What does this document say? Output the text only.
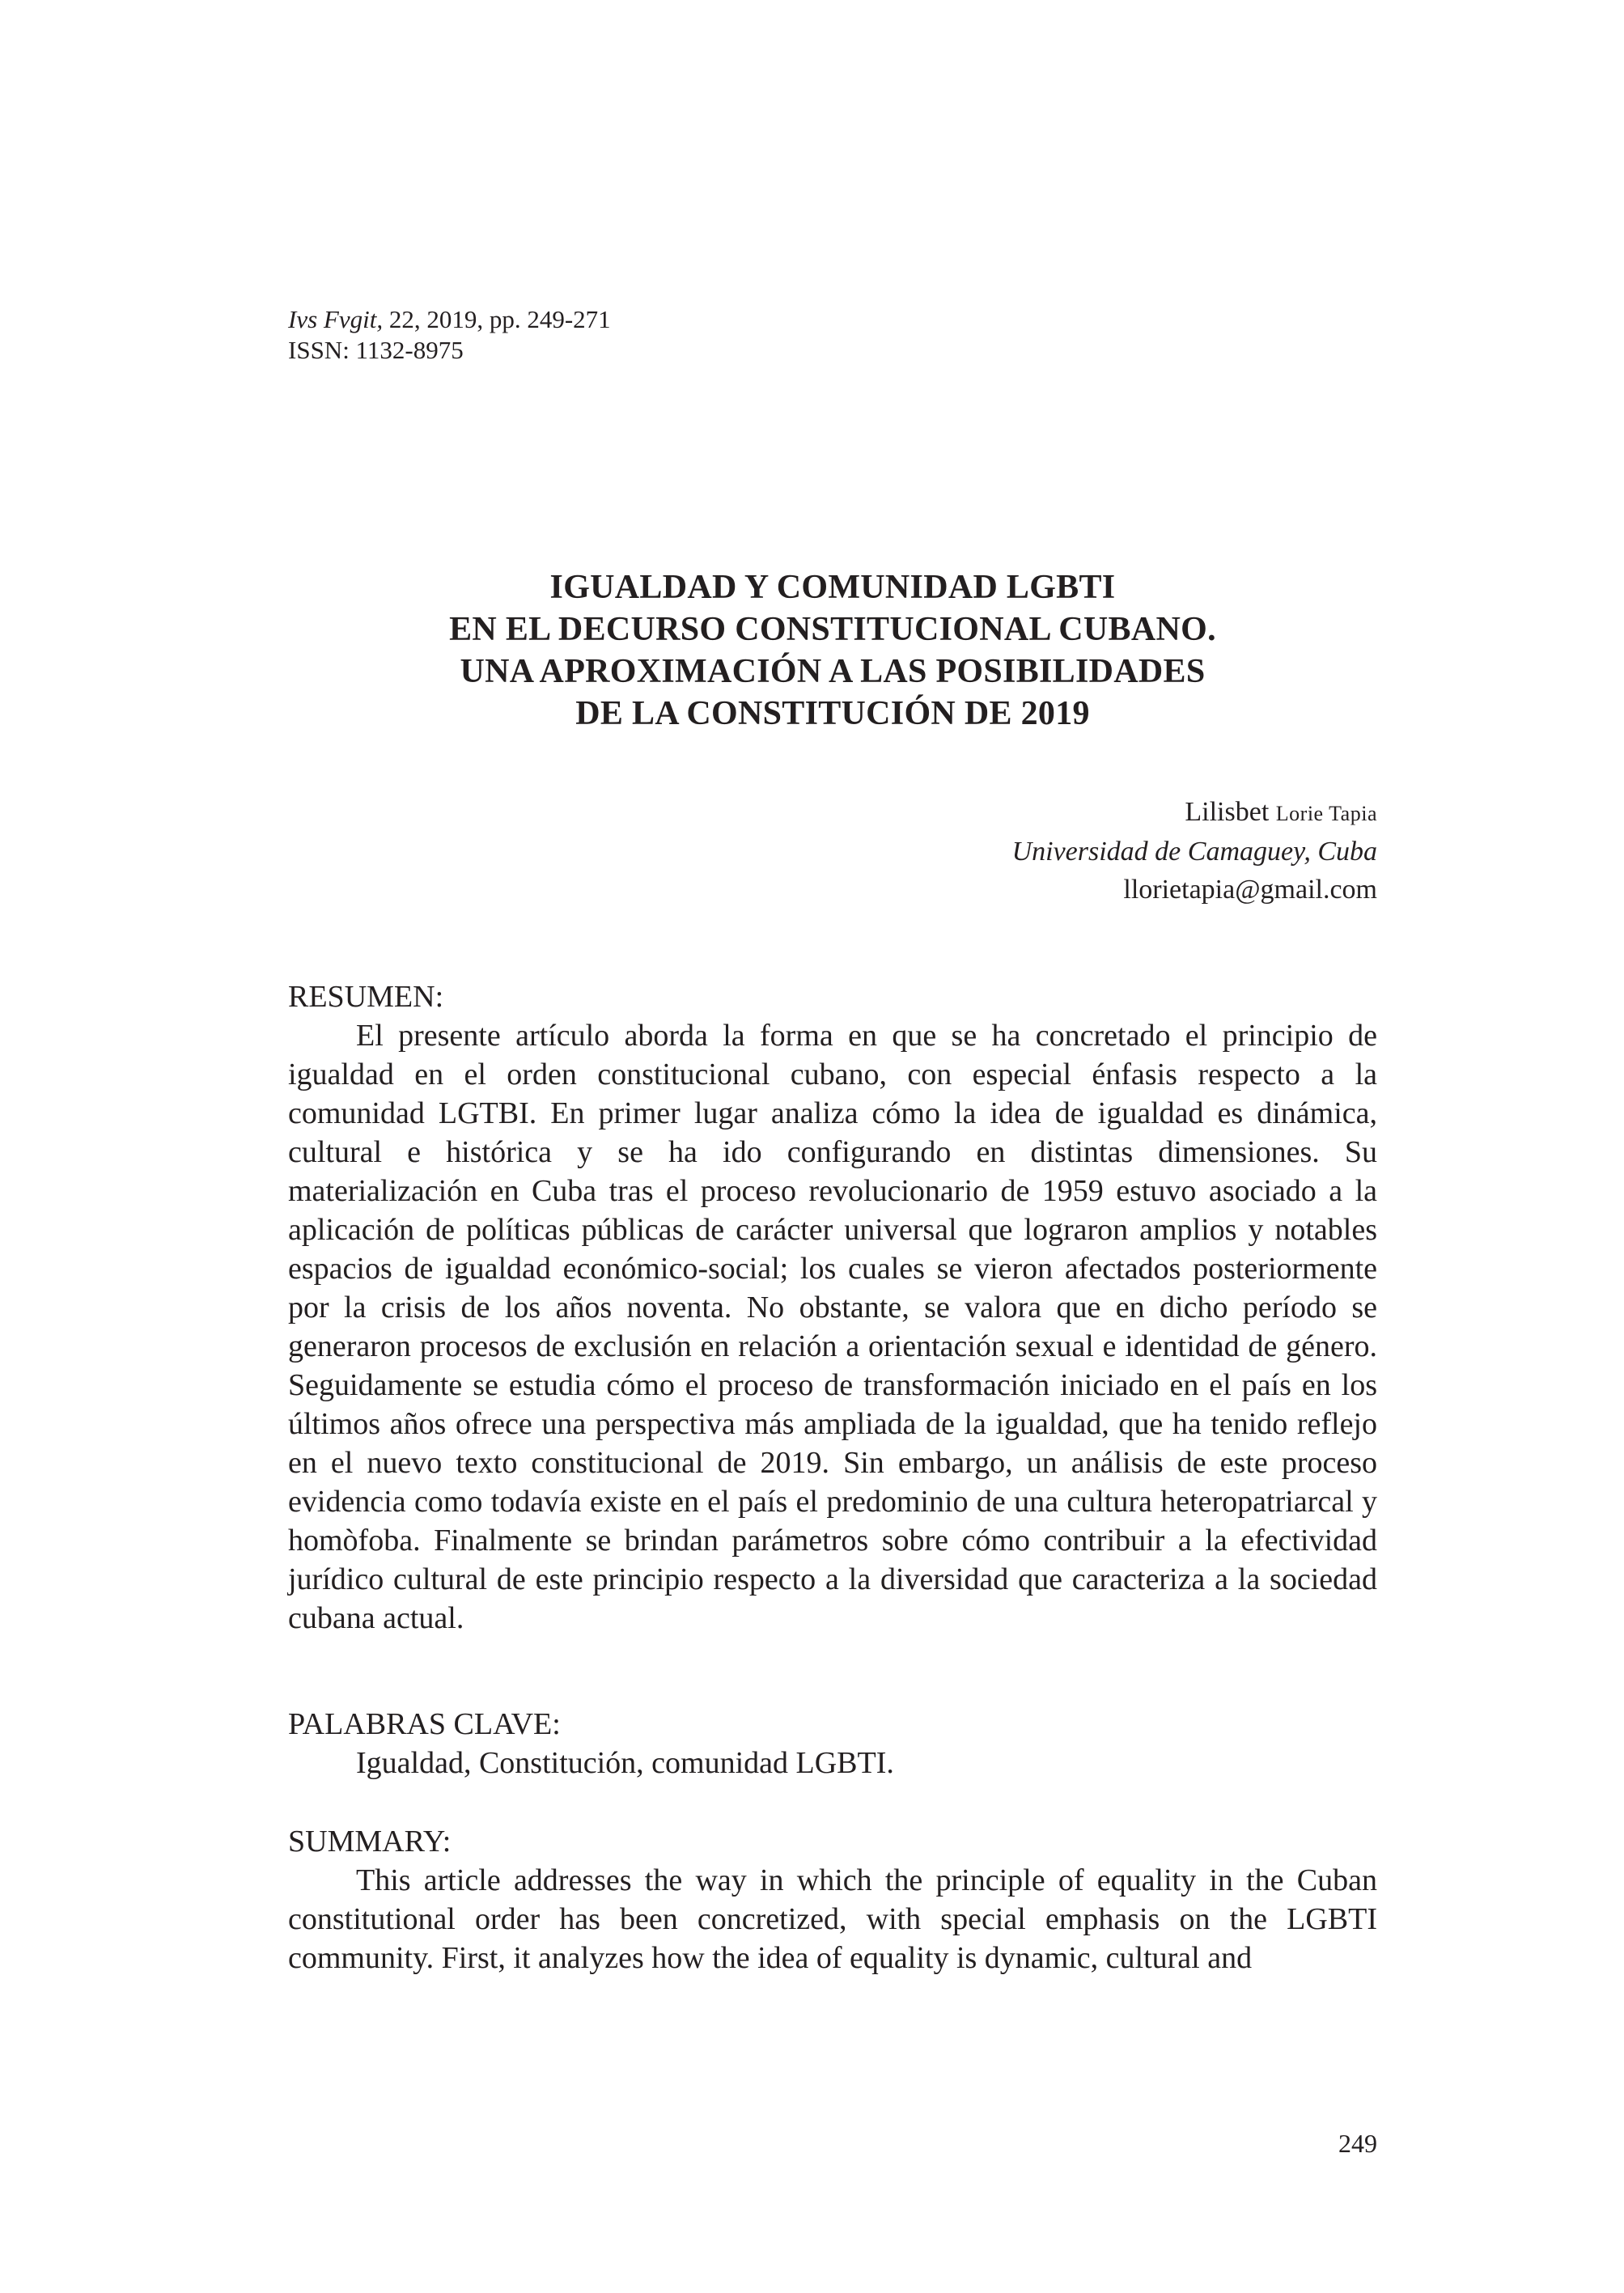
Ivs Fvgit, 22, 2019, pp. 249-271
ISSN: 1132-8975
IGUALDAD Y COMUNIDAD LGBTI
EN EL DECURSO CONSTITUCIONAL CUBANO.
UNA APROXIMACIÓN A LAS POSIBILIDADES
DE LA CONSTITUCIÓN DE 2019
Lilisbet Lorie Tapia
Universidad de Camaguey, Cuba
llorietapia@gmail.com
RESUMEN:

El presente artículo aborda la forma en que se ha concretado el principio de igualdad en el orden constitucional cubano, con especial énfasis respecto a la comunidad LGTBI. En primer lugar analiza cómo la idea de igualdad es dinámica, cultural e histórica y se ha ido configurando en distintas dimensiones. Su materialización en Cuba tras el proceso revolucionario de 1959 estuvo asociado a la aplicación de políticas públicas de carácter universal que lograron amplios y notables espacios de igualdad económico-social; los cuales se vieron afectados posteriormente por la crisis de los años noventa. No obstante, se valora que en dicho período se generaron procesos de exclusión en relación a orientación sexual e identidad de género. Seguidamente se estudia cómo el proceso de transformación iniciado en el país en los últimos años ofrece una perspectiva más ampliada de la igualdad, que ha tenido reflejo en el nuevo texto constitucional de 2019. Sin embargo, un análisis de este proceso evidencia como todavía existe en el país el predominio de una cultura heteropatriarcal y homòfoba. Finalmente se brindan parámetros sobre cómo contribuir a la efectividad jurídico cultural de este principio respecto a la diversidad que caracteriza a la sociedad cubana actual.

PALABRAS CLAVE:
Igualdad, Constitución, comunidad LGBTI.
SUMMARY:

This article addresses the way in which the principle of equality in the Cuban constitutional order has been concretized, with special emphasis on the LGBTI community. First, it analyzes how the idea of equality is dynamic, cultural and

249
